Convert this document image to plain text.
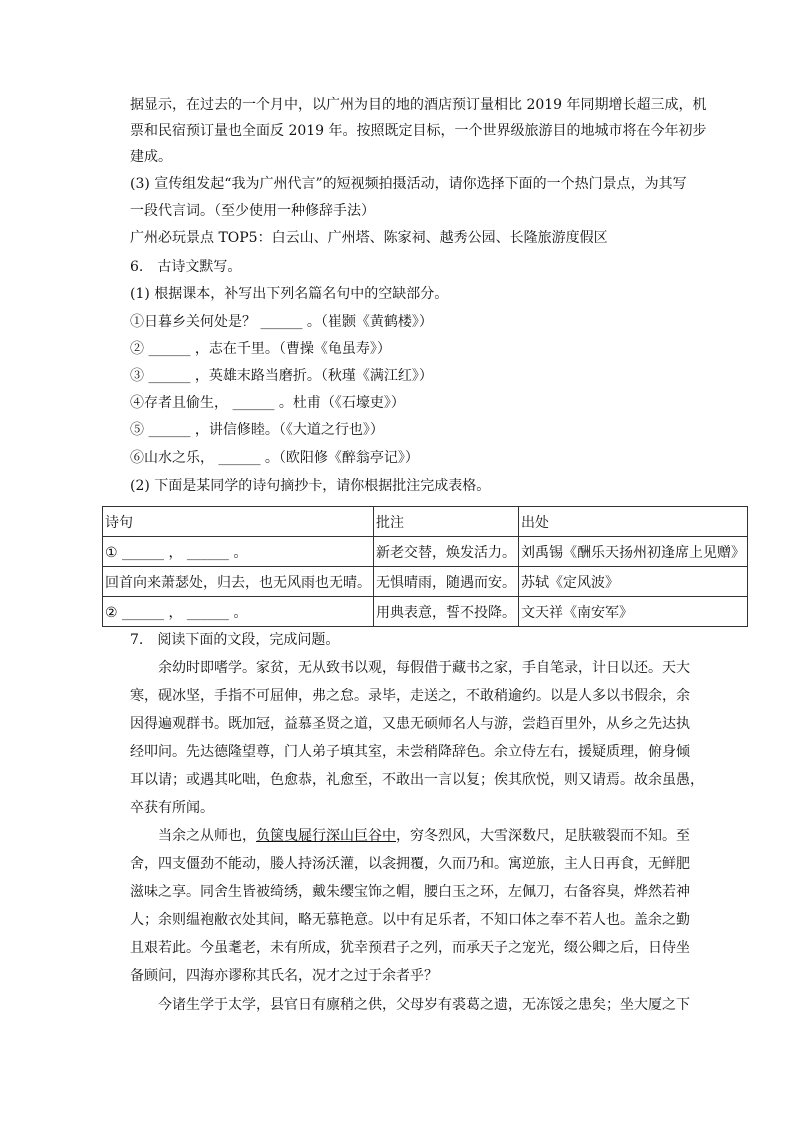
据显示，在过去的一个月中，以广州为目的地的酒店预订量相比 2019 年同期增长超三成，机
票和民宿预订量也全面反 2019 年。按照既定目标，一个世界级旅游目的地城市将在今年初步
建成。
(3) 宣传组发起“我为广州代言”的短视频拍摄活动，请你选择下面的一个热门景点，为其写
一段代言词。（至少使用一种修辞手法）
广州必玩景点 TOP5：白云山、广州塔、陈家祠、越秀公园、长隆旅游度假区
6.　古诗文默写。
(1) 根据课本，补写出下列名篇名句中的空缺部分。
①日暮乡关何处是？ ______ 。（崔颢《黄鹤楼》）
② ______ ，志在千里。（曹操《龟虽寿》）
③ ______ ，英雄末路当磨折。（秋瑾《满江红》）
④存者且偷生， ______ 。杜甫（《石壕吏》）
⑤ ______ ，讲信修睦。（《大道之行也》）
⑥山水之乐， ______ 。（欧阳修《醉翁亭记》）
(2) 下面是某同学的诗句摘抄卡，请你根据批注完成表格。
诗句	批注	出处
① ______ ， ______ 。	新老交替，焕发活力。	刘禹锡《酬乐天扬州初逢席上见赠》
回首向来萧瑟处，归去，也无风雨也无晴。	无惧晴雨，随遇而安。	苏轼《定风波》
② ______ ， ______ 。	用典表意，誓不投降。	文天祥《南安军》
7.　阅读下面的文段，完成问题。
余幼时即嗜学。家贫，无从致书以观，每假借于藏书之家，手自笔录，计日以还。天大
寒，砚冰坚，手指不可屈伸，弗之怠。录毕，走送之，不敢稍逾约。以是人多以书假余，余
因得遍观群书。既加冠，益慕圣贤之道，又患无硕师名人与游，尝趋百里外，从乡之先达执
经叩问。先达德隆望尊，门人弟子填其室，未尝稍降辞色。余立侍左右，援疑质理，俯身倾
耳以请；或遇其叱咄，色愈恭，礼愈至，不敢出一言以复；俟其欣悦，则又请焉。故余虽愚，
卒获有所闻。
当余之从师也，负箧曳屣行深山巨谷中，穷冬烈风，大雪深数尺，足肤皲裂而不知。至
舍，四支僵劲不能动，媵人持汤沃灌，以衾拥覆，久而乃和。寓逆旅，主人日再食，无鲜肥
滋味之享。同舍生皆被绮绣，戴朱缨宝饰之帽，腰白玉之环，左佩刀，右备容臭，烨然若神
人；余则缊袍敝衣处其间，略无慕艳意。以中有足乐者，不知口体之奉不若人也。盖余之勤
且艰若此。今虽耄老，未有所成，犹幸预君子之列，而承天子之宠光，缀公卿之后，日侍坐
备顾问，四海亦谬称其氏名，况才之过于余者乎？
今诸生学于太学，县官日有廪稍之供，父母岁有裘葛之遗，无冻馁之患矣；坐大厦之下
